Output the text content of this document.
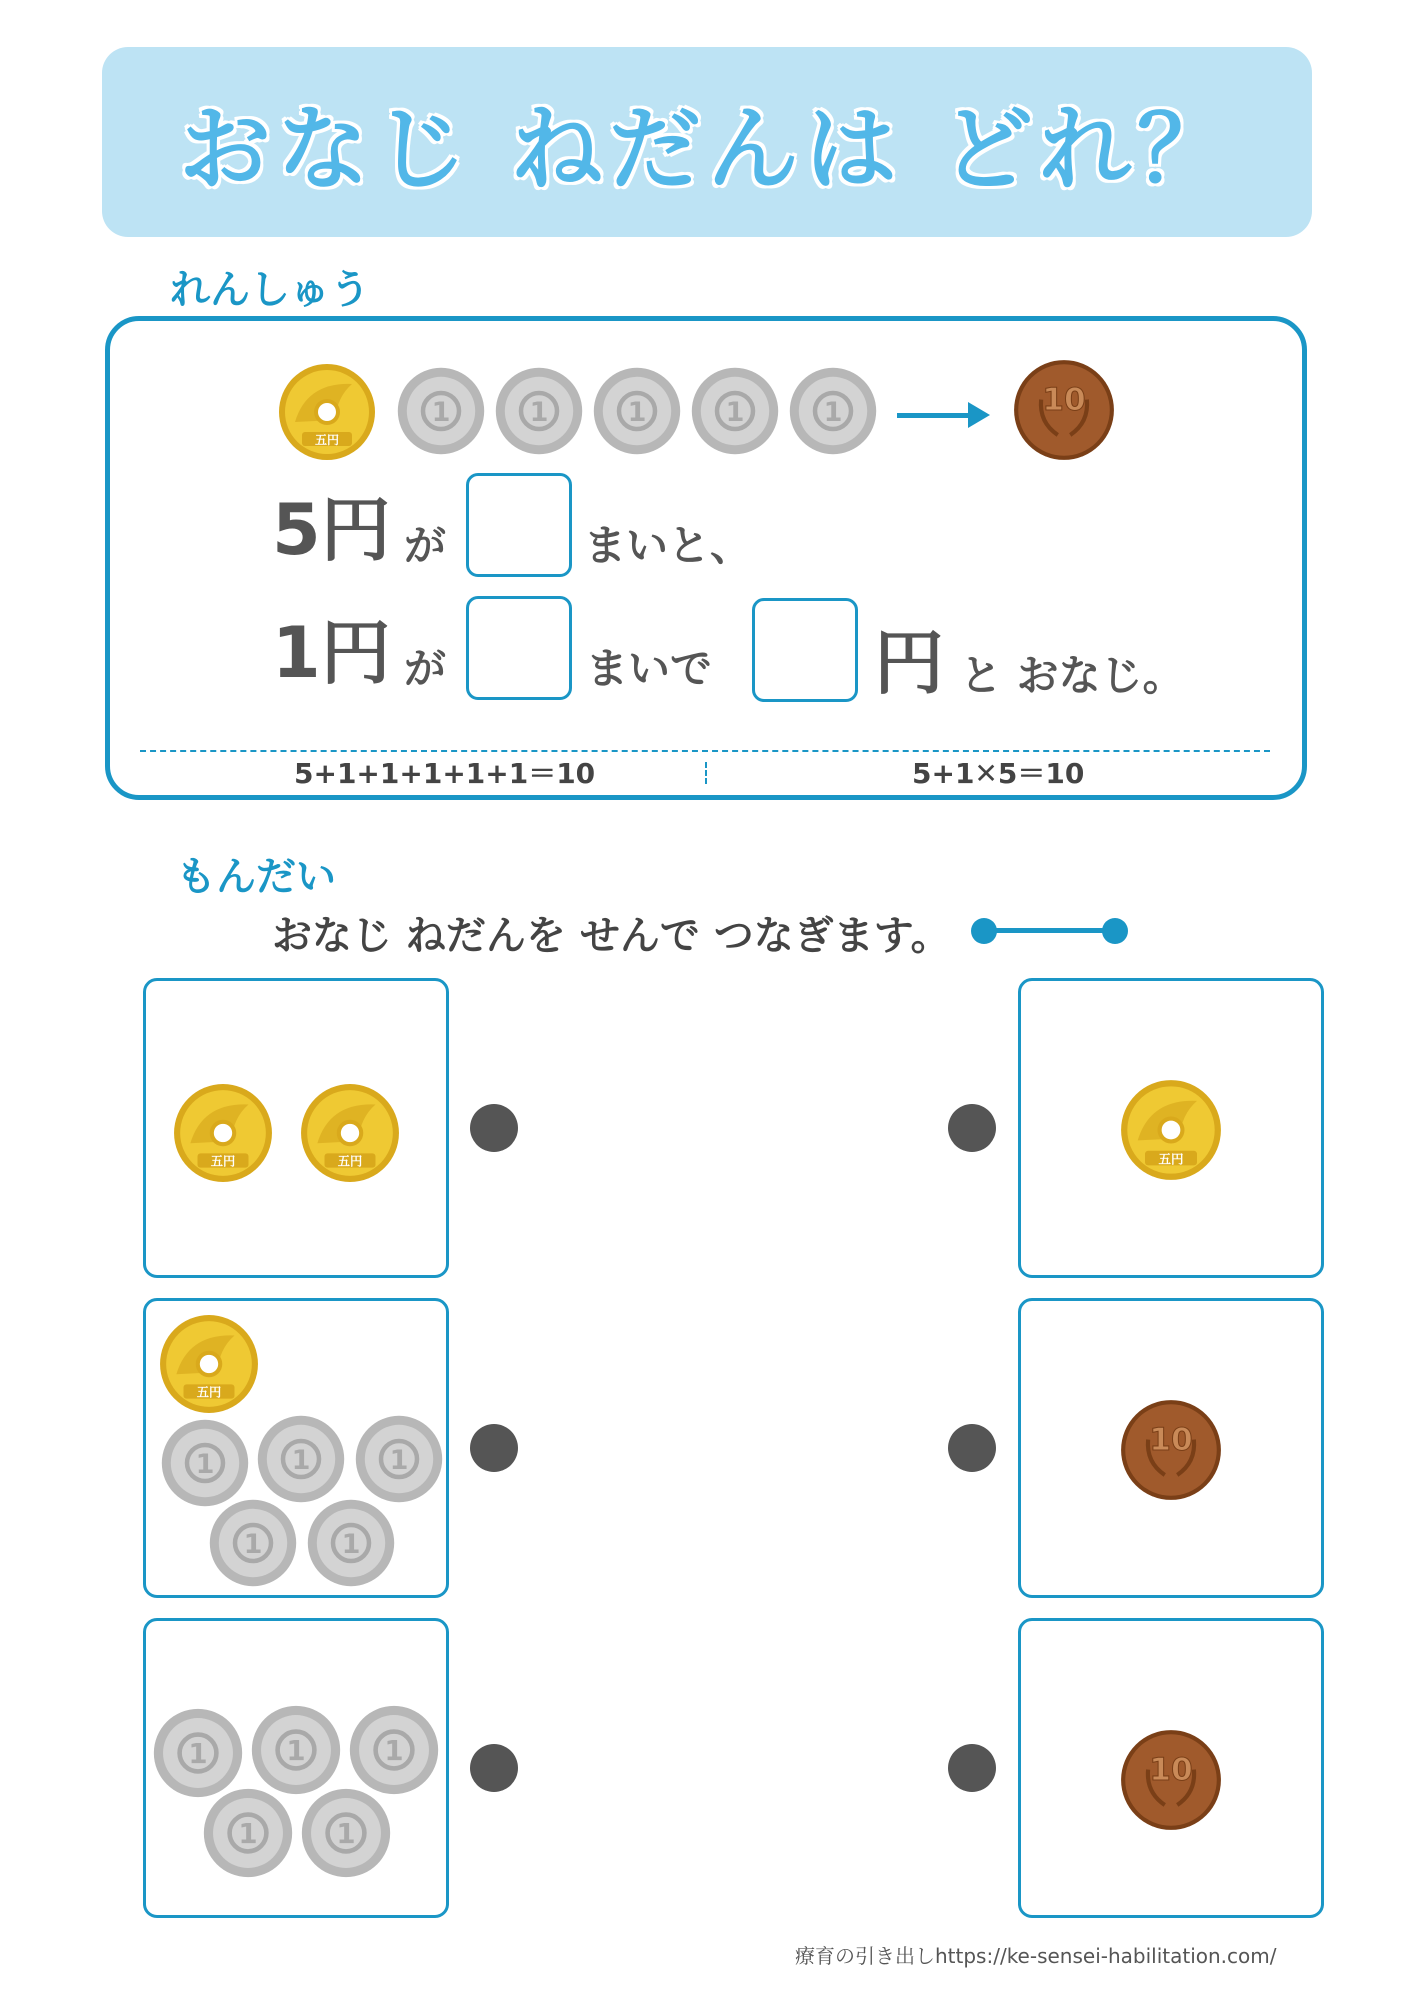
おなじ ねだんは どれ？
れんしゅう
五円
1	1	1	1	1	10
5円 が	まいと、
1円 が	まいで 円 と おなじ。
5+1+1+1+1+1＝10	5+1✕5＝10
もんだい
おなじ ねだんを せんで つなぎます。
五円	五円
五円
1	1	1
1	1
1	1	1
1	1
五円
10
10
療育の引き出しhttps://ke-sensei-habilitation.com/
